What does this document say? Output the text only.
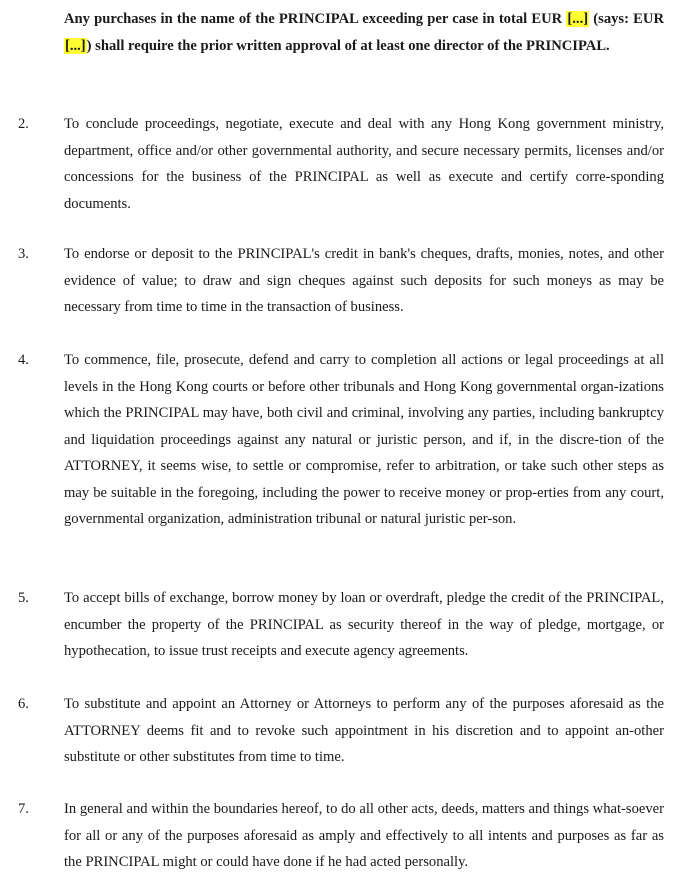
Any purchases in the name of the PRINCIPAL exceeding per case in total EUR [...] (says: EUR [...]) shall require the prior written approval of at least one director of the PRINCIPAL.

2. To conclude proceedings, negotiate, execute and deal with any Hong Kong government ministry, department, office and/or other governmental authority, and secure necessary permits, licenses and/or concessions for the business of the PRINCIPAL as well as execute and certify corre-sponding documents.

3. To endorse or deposit to the PRINCIPAL's credit in bank's cheques, drafts, monies, notes, and other evidence of value; to draw and sign cheques against such deposits for such moneys as may be necessary from time to time in the transaction of business.

4. To commence, file, prosecute, defend and carry to completion all actions or legal proceedings at all levels in the Hong Kong courts or before other tribunals and Hong Kong governmental organ-izations which the PRINCIPAL may have, both civil and criminal, involving any parties, including bankruptcy and liquidation proceedings against any natural or juristic person, and if, in the discre-tion of the ATTORNEY, it seems wise, to settle or compromise, refer to arbitration, or take such other steps as may be suitable in the foregoing, including the power to receive money or prop-erties from any court, governmental organization, administration tribunal or natural juristic per-son.

5. To accept bills of exchange, borrow money by loan or overdraft, pledge the credit of the PRINCIPAL, encumber the property of the PRINCIPAL as security thereof in the way of pledge, mortgage, or hypothecation, to issue trust receipts and execute agency agreements.

6. To substitute and appoint an Attorney or Attorneys to perform any of the purposes aforesaid as the ATTORNEY deems fit and to revoke such appointment in his discretion and to appoint an-other substitute or other substitutes from time to time.

7. In general and within the boundaries hereof, to do all other acts, deeds, matters and things what-soever for all or any of the purposes aforesaid as amply and effectively to all intents and purposes as far as the PRINCIPAL might or could have done if he had acted personally.
